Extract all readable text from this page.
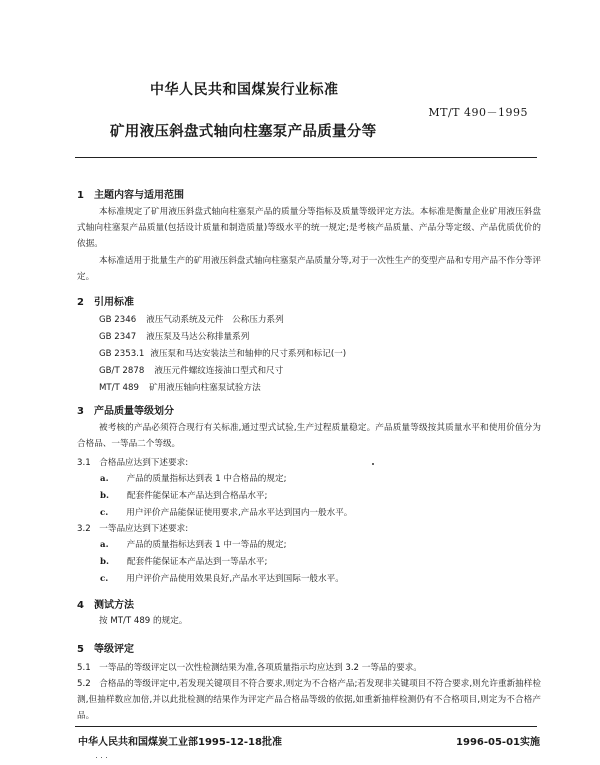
中华人民共和国煤炭行业标准
MT/T 490－1995
矿用液压斜盘式轴向柱塞泵产品质量分等
1　主题内容与适用范围
本标准规定了矿用液压斜盘式轴向柱塞泵产品的质量分等指标及质量等级评定方法。本标准是衡量企业矿用液压斜盘式轴向柱塞泵产品质量(包括设计质量和制造质量)等级水平的统一规定;是考核产品质量、产品分等定级、产品优质优价的依据。
本标准适用于批量生产的矿用液压斜盘式轴向柱塞泵产品质量分等,对于一次性生产的变型产品和专用产品不作分等评定。
2　引用标准
GB 2346 液压气动系统及元件　公称压力系列
GB 2347 液压泵及马达公称排量系列
GB 2353.1 液压泵和马达安装法兰和轴伸的尺寸系列和标记(一)
GB/T 2878 液压元件螺纹连接油口型式和尺寸
MT/T 489 矿用液压轴向柱塞泵试验方法
3　产品质量等级划分
被考核的产品必须符合现行有关标准,通过型式试验,生产过程质量稳定。产品质量等级按其质量水平和使用价值分为合格品、一等品二个等级。
3.1　合格品应达到下述要求:
a. 产品的质量指标达到表 1 中合格品的规定;
b. 配套件能保证本产品达到合格品水平;
c. 用户评价产品能保证使用要求,产品水平达到国内一般水平。
3.2　一等品应达到下述要求:
a. 产品的质量指标达到表 1 中一等品的规定;
b. 配套件能保证本产品达到一等品水平;
c. 用户评价产品使用效果良好,产品水平达到国际一般水平。
4　测试方法
按 MT/T 489 的规定。
5　等级评定
5.1　一等品的等级评定以一次性检测结果为准,各项质量指示均应达到 3.2 一等品的要求。
5.2　合格品的等级评定中,若发现关键项目不符合要求,则定为不合格产品;若发现非关键项目不符合要求,则允许重新抽样检测,但抽样数应加倍,并以此批检测的结果作为评定产品合格品等级的依据,如重新抽样检测仍有不合格项目,则定为不合格产品。
中华人民共和国煤炭工业部1995-12-18批准	1996-05-01实施
